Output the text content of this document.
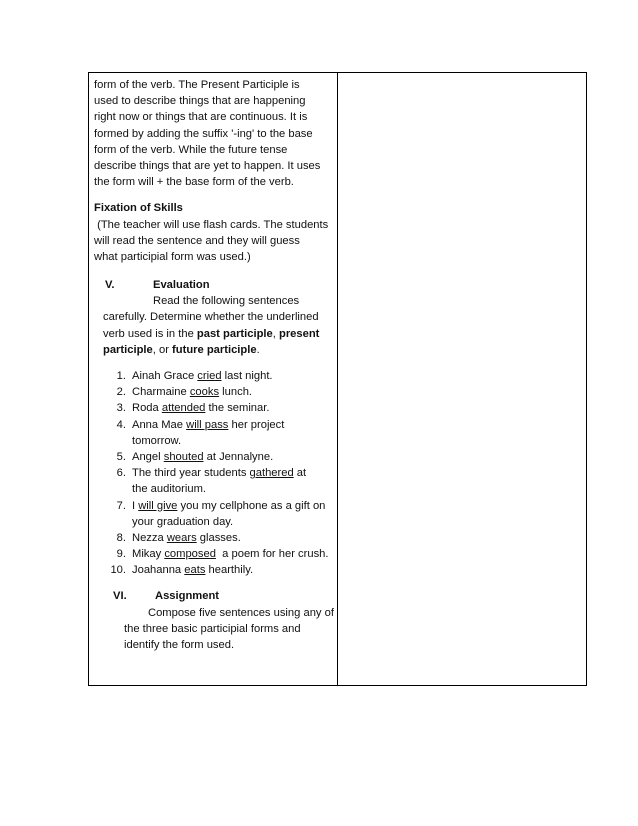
form of the verb. The Present Participle is
used to describe things that are happening
right now or things that are continuous. It is
formed by adding the suffix '-ing' to the base
form of the verb. While the future tense
describe things that are yet to happen. It uses
the form will + the base form of the verb.
Fixation of Skills
(The teacher will use flash cards. The students
will read the sentence and they will guess
what participial form was used.)
V.	Evaluation
Read the following sentences
carefully. Determine whether the underlined
verb used is in the past participle, present
participle, or future participle.
1. Ainah Grace cried last night.
2. Charmaine cooks lunch.
3. Roda attended the seminar.
4. Anna Mae will pass her project
tomorrow.
5. Angel shouted at Jennalyne.
6. The third year students gathered at
the auditorium.
7. I will give you my cellphone as a gift on
your graduation day.
8. Nezza wears glasses.
9. Mikay composed  a poem for her crush.
10. Joahanna eats hearthily.
VI.	Assignment
Compose five sentences using any of
the three basic participial forms and
identify the form used.
